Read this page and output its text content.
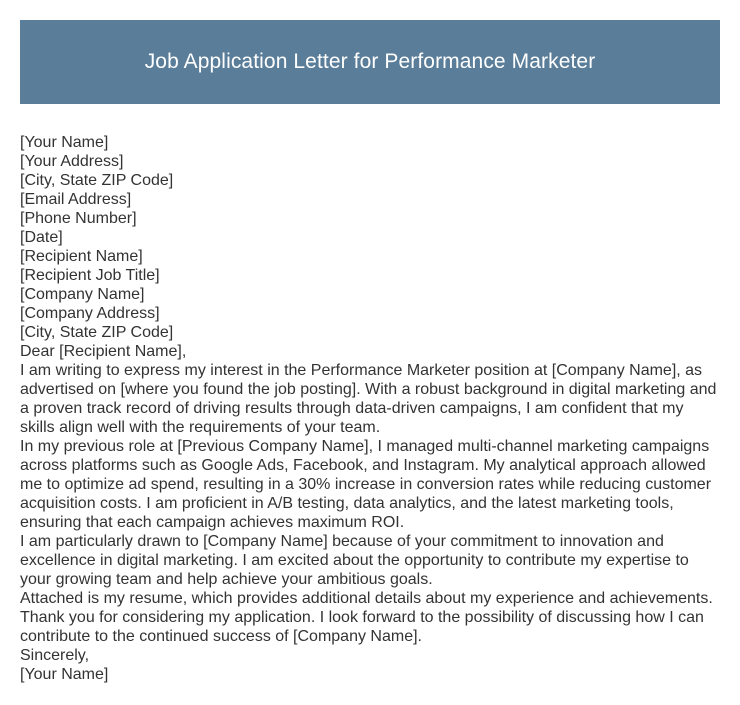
Job Application Letter for Performance Marketer
[Your Name]
[Your Address]
[City, State ZIP Code]
[Email Address]
[Phone Number]
[Date]
[Recipient Name]
[Recipient Job Title]
[Company Name]
[Company Address]
[City, State ZIP Code]
Dear [Recipient Name],
I am writing to express my interest in the Performance Marketer position at [Company Name], as
advertised on [where you found the job posting]. With a robust background in digital marketing and
a proven track record of driving results through data-driven campaigns, I am confident that my
skills align well with the requirements of your team.
In my previous role at [Previous Company Name], I managed multi-channel marketing campaigns
across platforms such as Google Ads, Facebook, and Instagram. My analytical approach allowed
me to optimize ad spend, resulting in a 30% increase in conversion rates while reducing customer
acquisition costs. I am proficient in A/B testing, data analytics, and the latest marketing tools,
ensuring that each campaign achieves maximum ROI.
I am particularly drawn to [Company Name] because of your commitment to innovation and
excellence in digital marketing. I am excited about the opportunity to contribute my expertise to
your growing team and help achieve your ambitious goals.
Attached is my resume, which provides additional details about my experience and achievements.
Thank you for considering my application. I look forward to the possibility of discussing how I can
contribute to the continued success of [Company Name].
Sincerely,
[Your Name]
